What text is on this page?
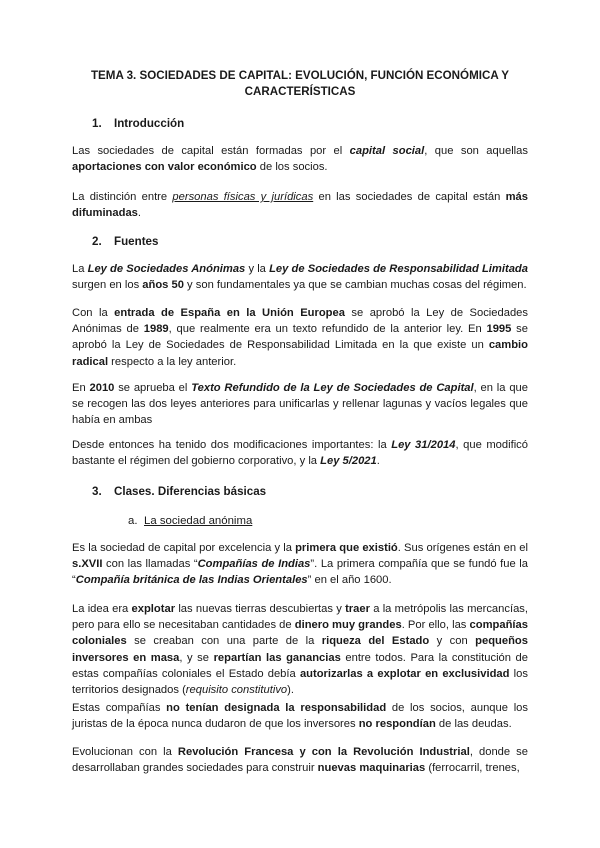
TEMA 3. SOCIEDADES DE CAPITAL: EVOLUCIÓN, FUNCIÓN ECONÓMICA Y
CARACTERÍSTICAS
1. Introducción

Las sociedades de capital están formadas por el capital social, que son aquellas aportaciones con valor económico de los socios.

La distinción entre personas físicas y jurídicas en las sociedades de capital están más difuminadas.

2. Fuentes

La Ley de Sociedades Anónimas y la Ley de Sociedades de Responsabilidad Limitada surgen en los años 50 y son fundamentales ya que se cambian muchas cosas del régimen.

Con la entrada de España en la Unión Europea se aprobó la Ley de Sociedades Anónimas de 1989, que realmente era un texto refundido de la anterior ley. En 1995 se aprobó la Ley de Sociedades de Responsabilidad Limitada en la que existe un cambio radical respecto a la ley anterior.

En 2010 se aprueba el Texto Refundido de la Ley de Sociedades de Capital, en la que se recogen las dos leyes anteriores para unificarlas y rellenar lagunas y vacíos legales que había en ambas

Desde entonces ha tenido dos modificaciones importantes: la Ley 31/2014, que modificó bastante el régimen del gobierno corporativo, y la Ley 5/2021.

3. Clases. Diferencias básicas
a. La sociedad anónima

Es la sociedad de capital por excelencia y la primera que existió. Sus orígenes están en el s.XVII con las llamadas “Compañías de Indias”. La primera compañía que se fundó fue la “Compañía británica de las Indias Orientales” en el año 1600.

La idea era explotar las nuevas tierras descubiertas y traer a la metrópolis las mercancías, pero para ello se necesitaban cantidades de dinero muy grandes. Por ello, las compañías coloniales se creaban con una parte de la riqueza del Estado y con pequeños inversores en masa, y se repartían las ganancias entre todos. Para la constitución de estas compañías coloniales el Estado debía autorizarlas a explotar en exclusividad los territorios designados (requisito constitutivo).

Estas compañías no tenían designada la responsabilidad de los socios, aunque los juristas de la época nunca dudaron de que los inversores no respondían de las deudas.

Evolucionan con la Revolución Francesa y con la Revolución Industrial, donde se desarrollaban grandes sociedades para construir nuevas maquinarias (ferrocarril, trenes,
